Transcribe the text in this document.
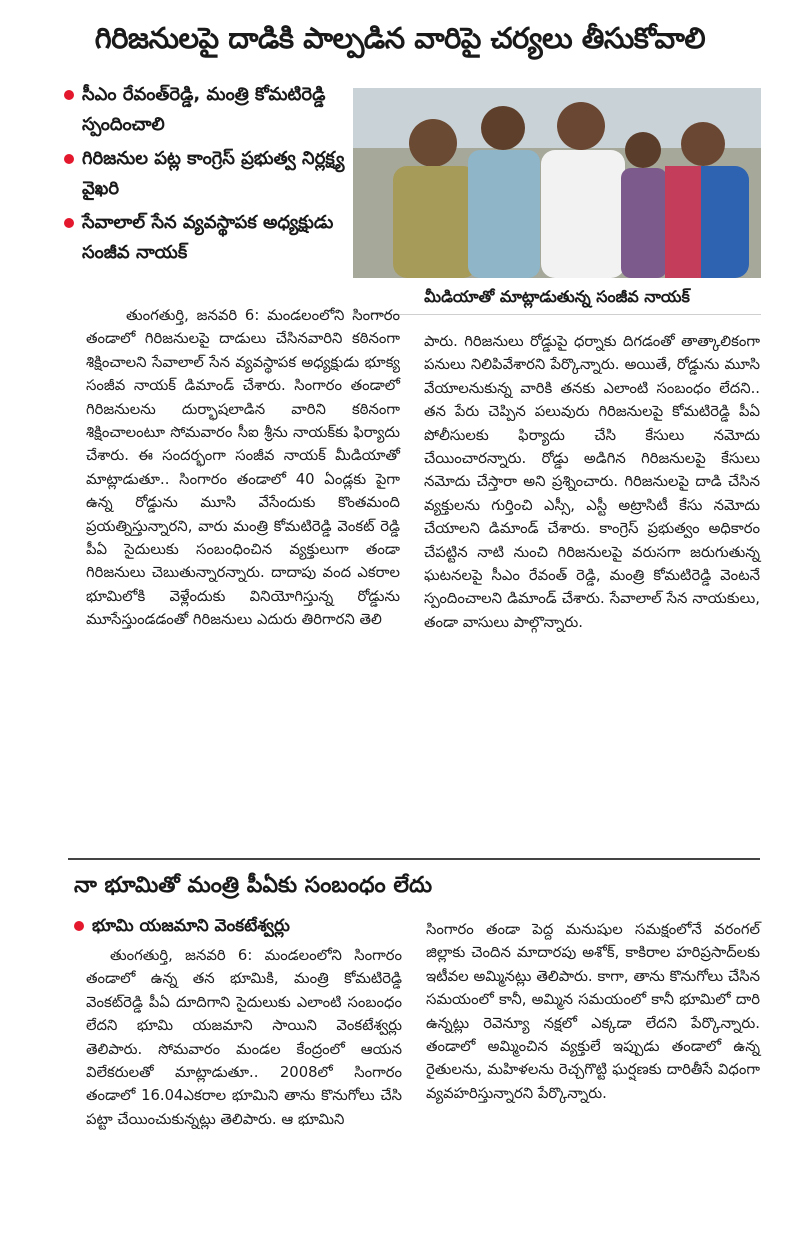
గిరిజనులపై దాడికి పాల్పడిన వారిపై చర్యలు తీసుకోవాలి
సీఎం రేవంత్‌రెడ్డి, మంత్రి కోమటిరెడ్డి స్పందించాలి
గిరిజనుల పట్ల కాంగ్రెస్ ప్రభుత్వ నిర్లక్ష్య వైఖరి
సేవాలాల్ సేన వ్యవస్థాపక అధ్యక్షుడు సంజీవ నాయక్
మీడియాతో మాట్లాడుతున్న సంజీవ నాయక్

తుంగతుర్తి, జనవరి 6: మండలంలోని సింగారం తండాలో గిరిజనులపై దాడులు చేసినవారిని కఠినంగా శిక్షించాలని సేవాలాల్ సేన వ్యవస్థాపక అధ్యక్షుడు భూక్య సంజీవ నాయక్ డిమాండ్ చేశారు. సింగారం తండాలో గిరిజనులను దుర్భాషలాడిన వారిని కఠినంగా శిక్షించాలంటూ సోమవారం సీఐ శ్రీను నాయక్‌కు ఫిర్యాదు చేశారు. ఈ సందర్భంగా సంజీవ నాయక్ మీడియాతో మాట్లాడుతూ.. సింగారం తండాలో 40 ఏండ్లకు పైగా ఉన్న రోడ్డును మూసి వేసేందుకు కొంతమంది ప్రయత్నిస్తున్నారని, వారు మంత్రి కోమటిరెడ్డి వెంకట్ రెడ్డి పీఏ సైదులుకు సంబంధించిన వ్యక్తులుగా తండా గిరిజనులు చెబుతున్నారన్నారు. దాదాపు వంద ఎకరాల భూమిలోకి వెళ్లేందుకు వినియోగిస్తున్న రోడ్డును మూసేస్తుండడంతో గిరిజనులు ఎదురు తిరిగారని తెలి

పారు. గిరిజనులు రోడ్డుపై ధర్నాకు దిగడంతో తాత్కాలికంగా పనులు నిలిపివేశారని పేర్కొన్నారు. అయితే, రోడ్డును మూసి వేయాలనుకున్న వారికి తనకు ఎలాంటి సంబంధం లేదని.. తన పేరు చెప్పిన పలువురు గిరిజనులపై కోమటిరెడ్డి పీఏ పోలీసులకు ఫిర్యాదు చేసి కేసులు నమోదు చేయించారన్నారు. రోడ్డు అడిగిన గిరిజనులపై కేసులు నమోదు చేస్తారా అని ప్రశ్నించారు. గిరిజనులపై దాడి చేసిన వ్యక్తులను గుర్తించి ఎస్సీ, ఎస్టీ అట్రాసిటీ కేసు నమోదు చేయాలని డిమాండ్ చేశారు. కాంగ్రెస్ ప్రభుత్వం అధికారం చేపట్టిన నాటి నుంచి గిరిజనులపై వరుసగా జరుగుతున్న ఘటనలపై సీఎం రేవంత్ రెడ్డి, మంత్రి కోమటిరెడ్డి వెంటనే స్పందించాలని డిమాండ్ చేశారు. సేవాలాల్ సేన నాయకులు, తండా వాసులు పాల్గొన్నారు.

నా భూమితో మంత్రి పీఏకు సంబంధం లేదు
భూమి యజమాని వెంకటేశ్వర్లు

తుంగతుర్తి, జనవరి 6: మండలంలోని సింగారం తండాలో ఉన్న తన భూమికి, మంత్రి కోమటిరెడ్డి వెంకట్‌రెడ్డి పీఏ దూదిగాని సైదులుకు ఎలాంటి సంబంధం లేదని భూమి యజమాని సాయిని వెంకటేశ్వర్లు తెలిపారు. సోమవారం మండల కేంద్రంలో ఆయన విలేకరులతో మాట్లాడుతూ.. 2008లో సింగారం తండాలో 16.04ఎకరాల భూమిని తాను కొనుగోలు చేసి పట్టా చేయించుకున్నట్లు తెలిపారు. ఆ భూమిని

సింగారం తండా పెద్ద మనుషుల సమక్షంలోనే వరంగల్ జిల్లాకు చెందిన మాదారపు అశోక్, కాకిరాల హరిప్రసాద్‌లకు ఇటీవల అమ్మినట్లు తెలిపారు. కాగా, తాను కొనుగోలు చేసిన సమయంలో కానీ, అమ్మిన సమయంలో కానీ భూమిలో దారి ఉన్నట్లు రెవెన్యూ నక్షలో ఎక్కడా లేదని పేర్కొన్నారు. తండాలో అమ్మించిన వ్యక్తులే ఇప్పుడు తండాలో ఉన్న రైతులను, మహిళలను రెచ్చగొట్టి ఘర్షణకు దారితీసే విధంగా వ్యవహరిస్తున్నారని పేర్కొన్నారు.
